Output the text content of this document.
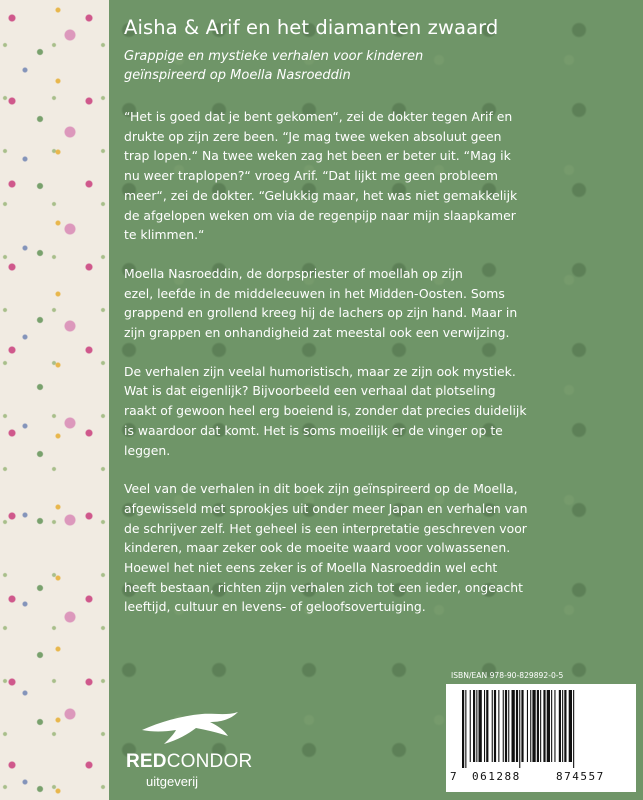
Aisha & Arif en het diamanten zwaard
Grappige en mystieke verhalen voor kinderen
geïnspireerd op Moella Nasroeddin

“Het is goed dat je bent gekomen“, zei de dokter tegen Arif en
drukte op zijn zere been. “Je mag twee weken absoluut geen
trap lopen.“ Na twee weken zag het been er beter uit. “Mag ik
nu weer traplopen?“ vroeg Arif. “Dat lijkt me geen probleem
meer“, zei de dokter. “Gelukkig maar, het was niet gemakkelijk
de afgelopen weken om via de regenpijp naar mijn slaapkamer
te klimmen.“

Moella Nasroeddin, de dorpspriester of moellah op zijn
ezel, leefde in de middeleeuwen in het Midden-Oosten. Soms
grappend en grollend kreeg hij de lachers op zijn hand. Maar in
zijn grappen en onhandigheid zat meestal ook een verwijzing.

De verhalen zijn veelal humoristisch, maar ze zijn ook mystiek.
Wat is dat eigenlijk? Bijvoorbeeld een verhaal dat plotseling
raakt of gewoon heel erg boeiend is, zonder dat precies duidelijk
is waardoor dat komt. Het is soms moeilijk er de vinger op te
leggen.

Veel van de verhalen in dit boek zijn geïnspireerd op de Moella,
afgewisseld met sprookjes uit onder meer Japan en verhalen van
de schrijver zelf. Het geheel is een interpretatie geschreven voor
kinderen, maar zeker ook de moeite waard voor volwassenen.
Hoewel het niet eens zeker is of Moella Nasroeddin wel echt
heeft bestaan, richten zijn verhalen zich tot een ieder, ongeacht
leeftijd, cultuur en levens- of geloofsovertuiging.

REDCONDOR
uitgeverij
ISBN/EAN 978-90-829892-0-5
7 061288	874557
